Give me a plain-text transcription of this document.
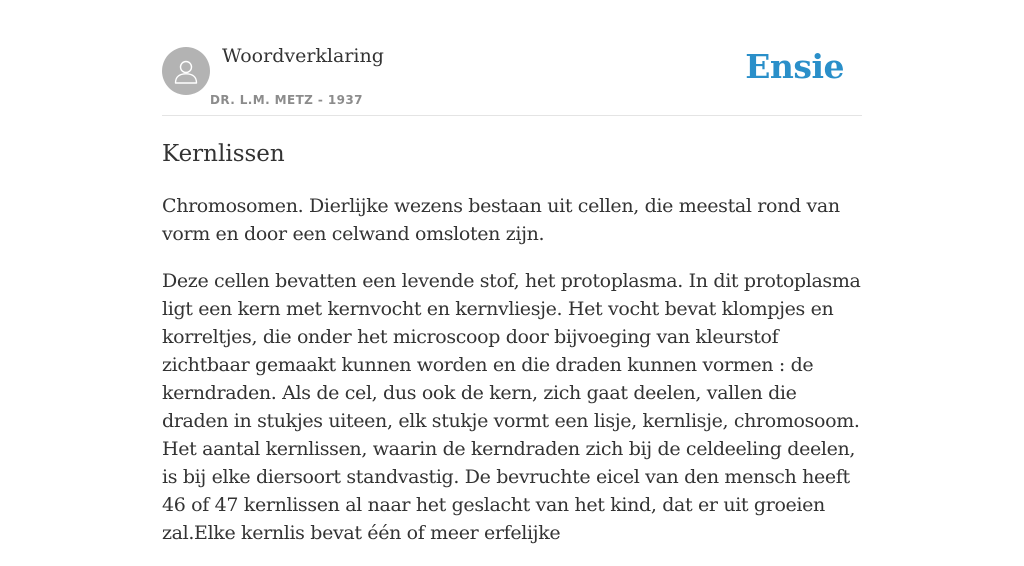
Woordverklaring
DR. L.M. METZ - 1937
Ensie
Kernlissen

Chromosomen. Dierlijke wezens bestaan uit cellen, die meestal rond van vorm en door een celwand omsloten zijn.

Deze cellen bevatten een levende stof, het protoplasma. In dit protoplasma ligt een kern met kernvocht en kernvliesje. Het vocht bevat klompjes en korreltjes, die onder het microscoop door bijvoeging van kleurstof zichtbaar gemaakt kunnen worden en die draden kunnen vormen : de kerndraden. Als de cel, dus ook de kern, zich gaat deelen, vallen die draden in stukjes uiteen, elk stukje vormt een lisje, kernlisje, chromosoom. Het aantal kernlissen, waarin de kerndraden zich bij de celdeeling deelen, is bij elke diersoort standvastig. De bevruchte eicel van den mensch heeft 46 of 47 kernlissen al naar het geslacht van het kind, dat er uit groeien zal.Elke kernlis bevat één of meer erfelijke
